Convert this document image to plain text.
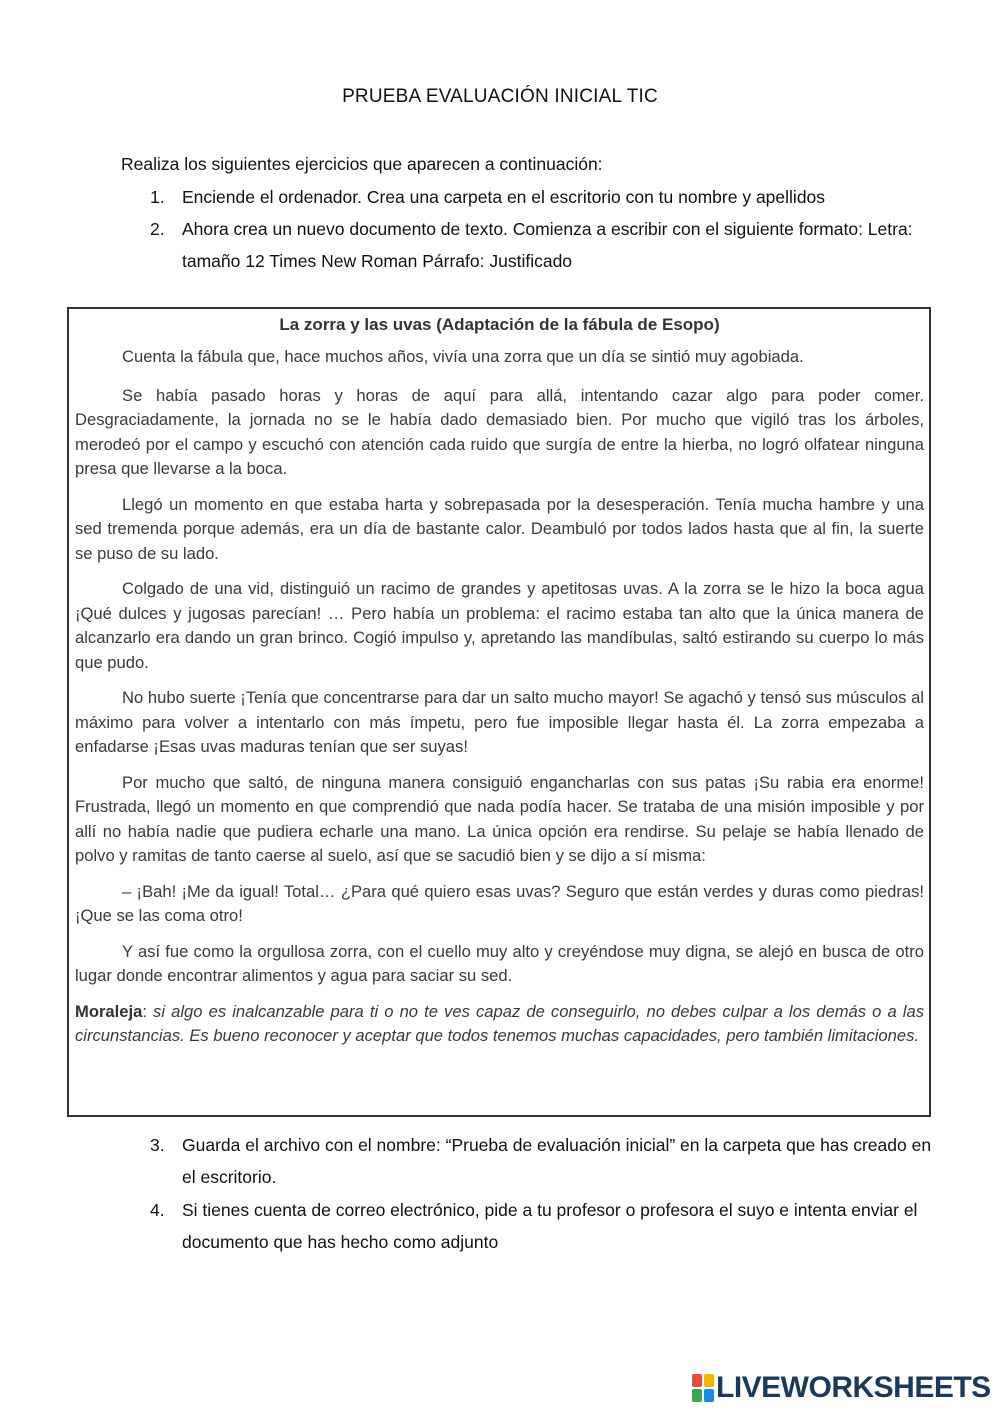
PRUEBA EVALUACIÓN INICIAL TIC
Realiza los siguientes ejercicios que aparecen a continuación:
1. Enciende el ordenador. Crea una carpeta en el escritorio con tu nombre y apellidos
2. Ahora crea un nuevo documento de texto. Comienza a escribir con el siguiente formato: Letra: tamaño 12 Times New Roman Párrafo: Justificado
La zorra y las uvas (Adaptación de la fábula de Esopo)

Cuenta la fábula que, hace muchos años, vivía una zorra que un día se sintió muy agobiada.

Se había pasado horas y horas de aquí para allá, intentando cazar algo para poder comer. Desgraciadamente, la jornada no se le había dado demasiado bien. Por mucho que vigiló tras los árboles, merodeó por el campo y escuchó con atención cada ruido que surgía de entre la hierba, no logró olfatear ninguna presa que llevarse a la boca.

Llegó un momento en que estaba harta y sobrepasada por la desesperación. Tenía mucha hambre y una sed tremenda porque además, era un día de bastante calor. Deambuló por todos lados hasta que al fin, la suerte se puso de su lado.

Colgado de una vid, distinguió un racimo de grandes y apetitosas uvas. A la zorra se le hizo la boca agua ¡Qué dulces y jugosas parecían! … Pero había un problema: el racimo estaba tan alto que la única manera de alcanzarlo era dando un gran brinco. Cogió impulso y, apretando las mandíbulas, saltó estirando su cuerpo lo más que pudo.

No hubo suerte ¡Tenía que concentrarse para dar un salto mucho mayor! Se agachó y tensó sus músculos al máximo para volver a intentarlo con más ímpetu, pero fue imposible llegar hasta él. La zorra empezaba a enfadarse ¡Esas uvas maduras tenían que ser suyas!

Por mucho que saltó, de ninguna manera consiguió engancharlas con sus patas ¡Su rabia era enorme! Frustrada, llegó un momento en que comprendió que nada podía hacer. Se trataba de una misión imposible y por allí no había nadie que pudiera echarle una mano. La única opción era rendirse. Su pelaje se había llenado de polvo y ramitas de tanto caerse al suelo, así que se sacudió bien y se dijo a sí misma:

– ¡Bah! ¡Me da igual! Total… ¿Para qué quiero esas uvas? Seguro que están verdes y duras como piedras! ¡Que se las coma otro!

Y así fue como la orgullosa zorra, con el cuello muy alto y creyéndose muy digna, se alejó en busca de otro lugar donde encontrar alimentos y agua para saciar su sed.

Moraleja: si algo es inalcanzable para ti o no te ves capaz de conseguirlo, no debes culpar a los demás o a las circunstancias. Es bueno reconocer y aceptar que todos tenemos muchas capacidades, pero también limitaciones.

3. Guarda el archivo con el nombre: “Prueba de evaluación inicial” en la carpeta que has creado en el escritorio.
4. Si tienes cuenta de correo electrónico, pide a tu profesor o profesora el suyo e intenta enviar el documento que has hecho como adjunto
LIVEWORKSHEETS
